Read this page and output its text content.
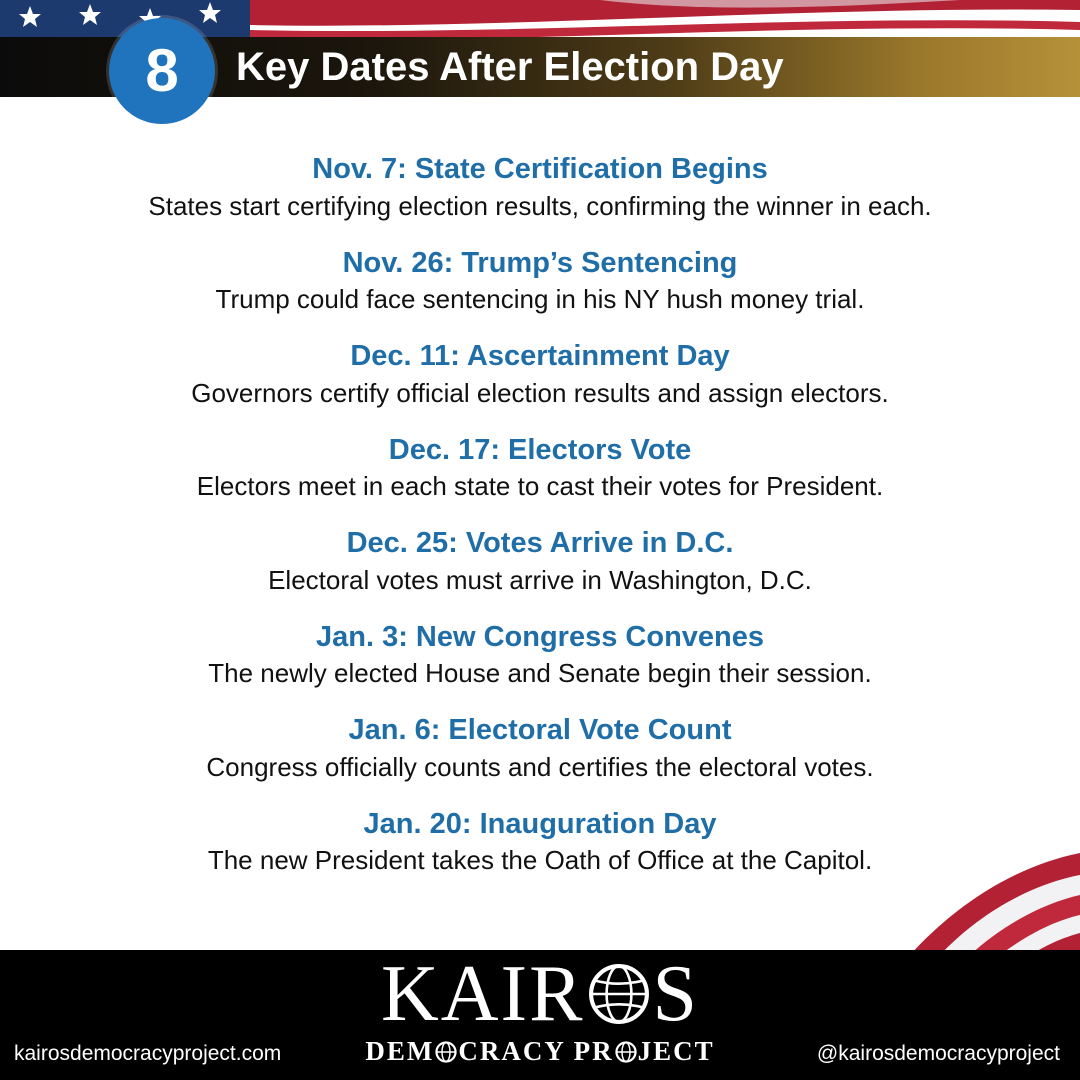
8	Key Dates After Election Day
Nov. 7: State Certification Begins
States start certifying election results, confirming the winner in each.
Nov. 26: Trump’s Sentencing
Trump could face sentencing in his NY hush money trial.
Dec. 11: Ascertainment Day
Governors certify official election results and assign electors.
Dec. 17: Electors Vote
Electors meet in each state to cast their votes for President.
Dec. 25: Votes Arrive in D.C.
Electoral votes must arrive in Washington, D.C.
Jan. 3: New Congress Convenes
The newly elected House and Senate begin their session.
Jan. 6: Electoral Vote Count
Congress officially counts and certifies the electoral votes.
Jan. 20: Inauguration Day
The new President takes the Oath of Office at the Capitol.
kairosdemocracyproject.com
KAIR S

DEM CRACY PR JECT	@kairosdemocracyproject
